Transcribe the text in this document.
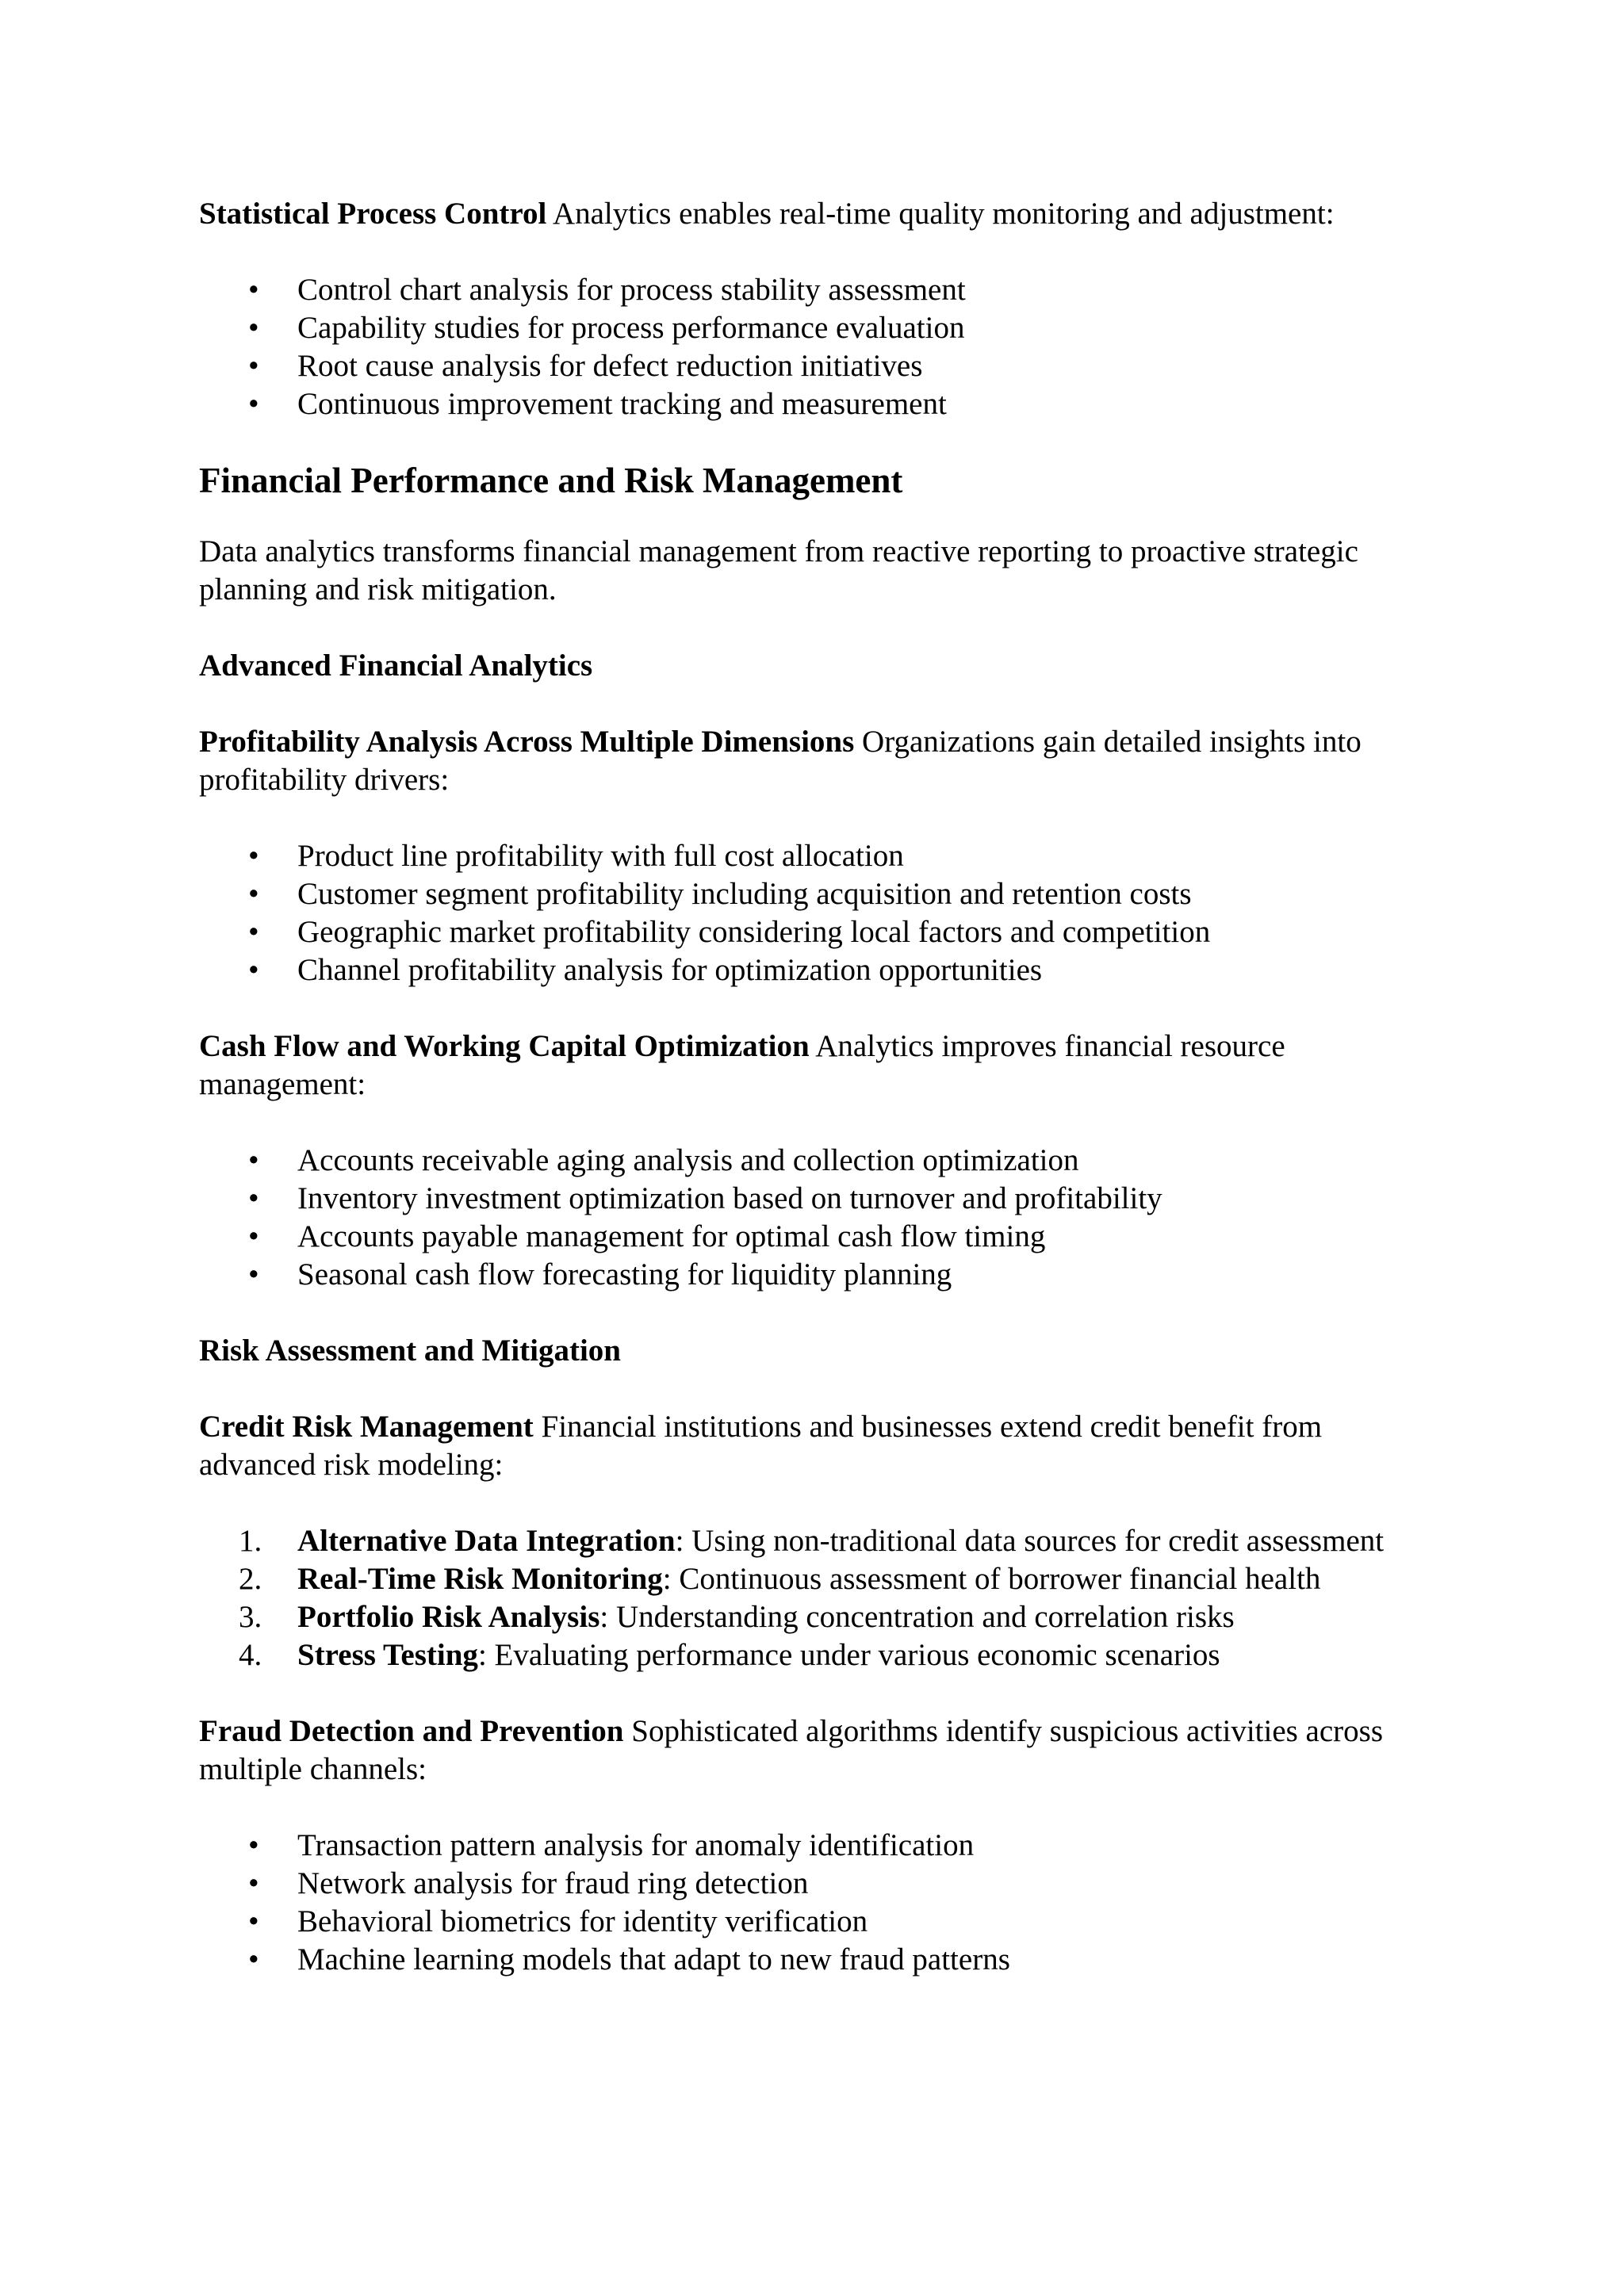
Statistical Process Control Analytics enables real-time quality monitoring and adjustment:

• Control chart analysis for process stability assessment
• Capability studies for process performance evaluation
• Root cause analysis for defect reduction initiatives
• Continuous improvement tracking and measurement
Financial Performance and Risk Management

Data analytics transforms financial management from reactive reporting to proactive strategic planning and risk mitigation.

Advanced Financial Analytics

Profitability Analysis Across Multiple Dimensions Organizations gain detailed insights into profitability drivers:

• Product line profitability with full cost allocation
• Customer segment profitability including acquisition and retention costs
• Geographic market profitability considering local factors and competition
• Channel profitability analysis for optimization opportunities

Cash Flow and Working Capital Optimization Analytics improves financial resource management:

• Accounts receivable aging analysis and collection optimization
• Inventory investment optimization based on turnover and profitability
• Accounts payable management for optimal cash flow timing
• Seasonal cash flow forecasting for liquidity planning
Risk Assessment and Mitigation

Credit Risk Management Financial institutions and businesses extend credit benefit from advanced risk modeling:

1. Alternative Data Integration: Using non-traditional data sources for credit assessment
2. Real-Time Risk Monitoring: Continuous assessment of borrower financial health
3. Portfolio Risk Analysis: Understanding concentration and correlation risks
4. Stress Testing: Evaluating performance under various economic scenarios

Fraud Detection and Prevention Sophisticated algorithms identify suspicious activities across multiple channels:

• Transaction pattern analysis for anomaly identification
• Network analysis for fraud ring detection
• Behavioral biometrics for identity verification
• Machine learning models that adapt to new fraud patterns
